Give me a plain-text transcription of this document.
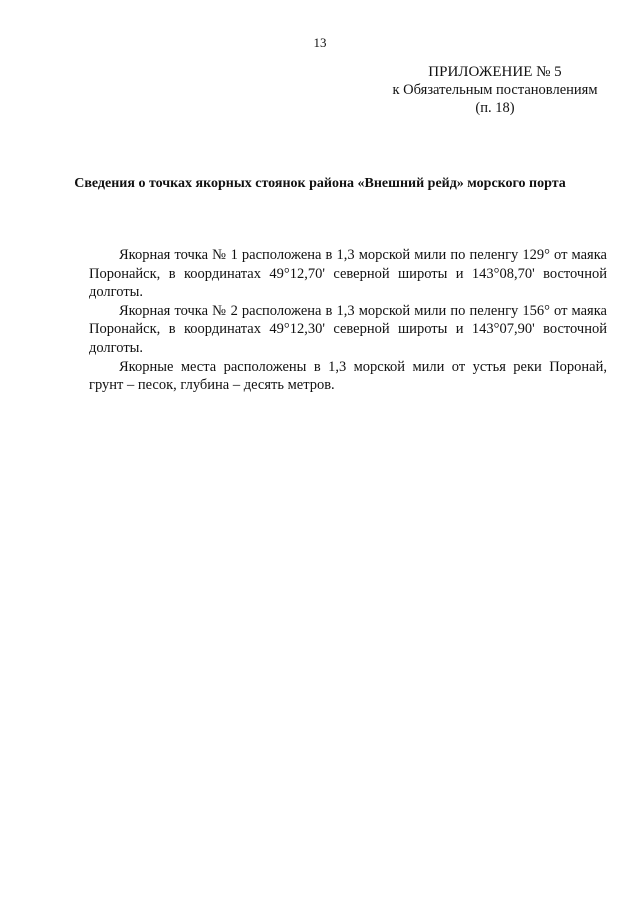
13
ПРИЛОЖЕНИЕ № 5
к Обязательным постановлениям
(п. 18)
Сведения о точках якорных стоянок района «Внешний рейд» морского порта

Якорная точка № 1 расположена в 1,3 морской мили по пеленгу 129° от маяка Поронайск, в координатах 49°12,70' северной широты и 143°08,70' восточной долготы.

Якорная точка № 2 расположена в 1,3 морской мили по пеленгу 156° от маяка Поронайск, в координатах 49°12,30' северной широты и 143°07,90' восточной долготы.

Якорные места расположены в 1,3 морской мили от устья реки Поронай, грунт – песок, глубина – десять метров.
